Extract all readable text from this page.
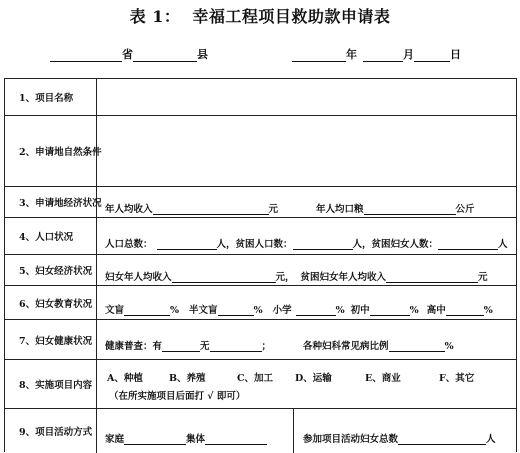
表 1： 幸福工程项目救助款申请表
省	县	年	月	日
1、项目名称
2、申请地自然条件
3、申请地经济状况
年人均收入	元	年人均口粮	公斤
4、人口状况
人口总数：	人，贫困人口数：	人，贫困妇女人数：	人
5、妇女经济状况
妇女年人均收入	元， 贫困妇女年人均收入	元
6、妇女教育状况
文盲	% 半文盲	% 小学	% 初中	% 高中	%
7、妇女健康状况	健康普查：有	无	；	各种妇科常见病比例	%
8、实施项目内容
A、种植	B、养殖	C、加工 D、运输	E、商业	F、其它
（在所实施项目后面打 √ 即可）
9、项目活动方式
家庭	集体	参加项目活动妇女总数	人
